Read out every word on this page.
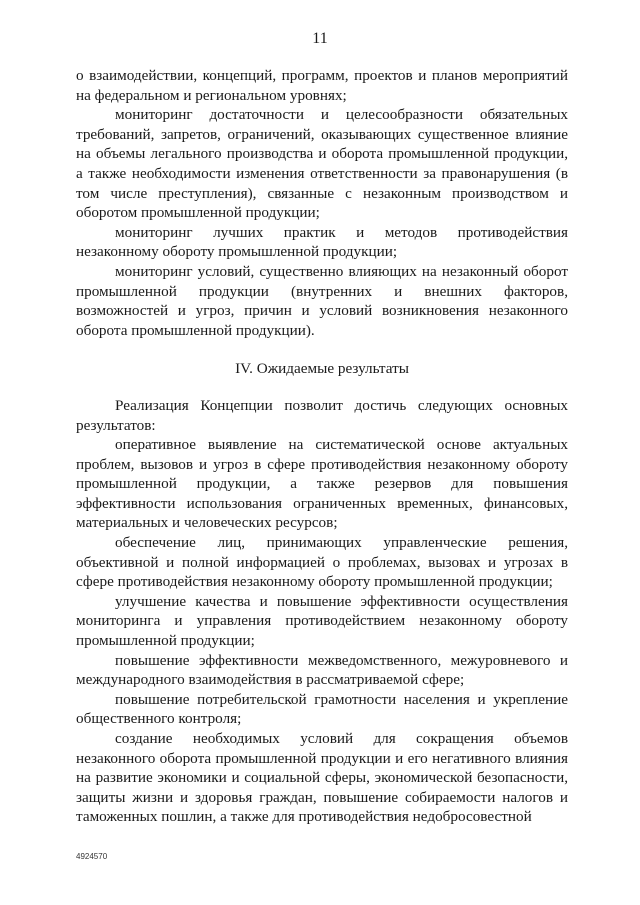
11

о взаимодействии, концепций, программ, проектов и планов мероприятий на федеральном и региональном уровнях;

мониторинг достаточности и целесообразности обязательных требований, запретов, ограничений, оказывающих существенное влияние на объемы легального производства и оборота промышленной продукции, а также необходимости изменения ответственности за правонарушения (в том числе преступления), связанные с незаконным производством и оборотом промышленной продукции;

мониторинг лучших практик и методов противодействия незаконному обороту промышленной продукции;

мониторинг условий, существенно влияющих на незаконный оборот промышленной продукции (внутренних и внешних факторов, возможностей и угроз, причин и условий возникновения незаконного оборота промышленной продукции).

IV. Ожидаемые результаты

Реализация Концепции позволит достичь следующих основных результатов:

оперативное выявление на систематической основе актуальных проблем, вызовов и угроз в сфере противодействия незаконному обороту промышленной продукции, а также резервов для повышения эффективности использования ограниченных временных, финансовых, материальных и человеческих ресурсов;

обеспечение лиц, принимающих управленческие решения, объективной и полной информацией о проблемах, вызовах и угрозах в сфере противодействия незаконному обороту промышленной продукции;

улучшение качества и повышение эффективности осуществления мониторинга и управления противодействием незаконному обороту промышленной продукции;

повышение эффективности межведомственного, межуровневого и международного взаимодействия в рассматриваемой сфере;

повышение потребительской грамотности населения и укрепление общественного контроля;

создание необходимых условий для сокращения объемов незаконного оборота промышленной продукции и его негативного влияния на развитие экономики и социальной сферы, экономической безопасности, защиты жизни и здоровья граждан, повышение собираемости налогов и таможенных пошлин, а также для противодействия недобросовестной

4924570
